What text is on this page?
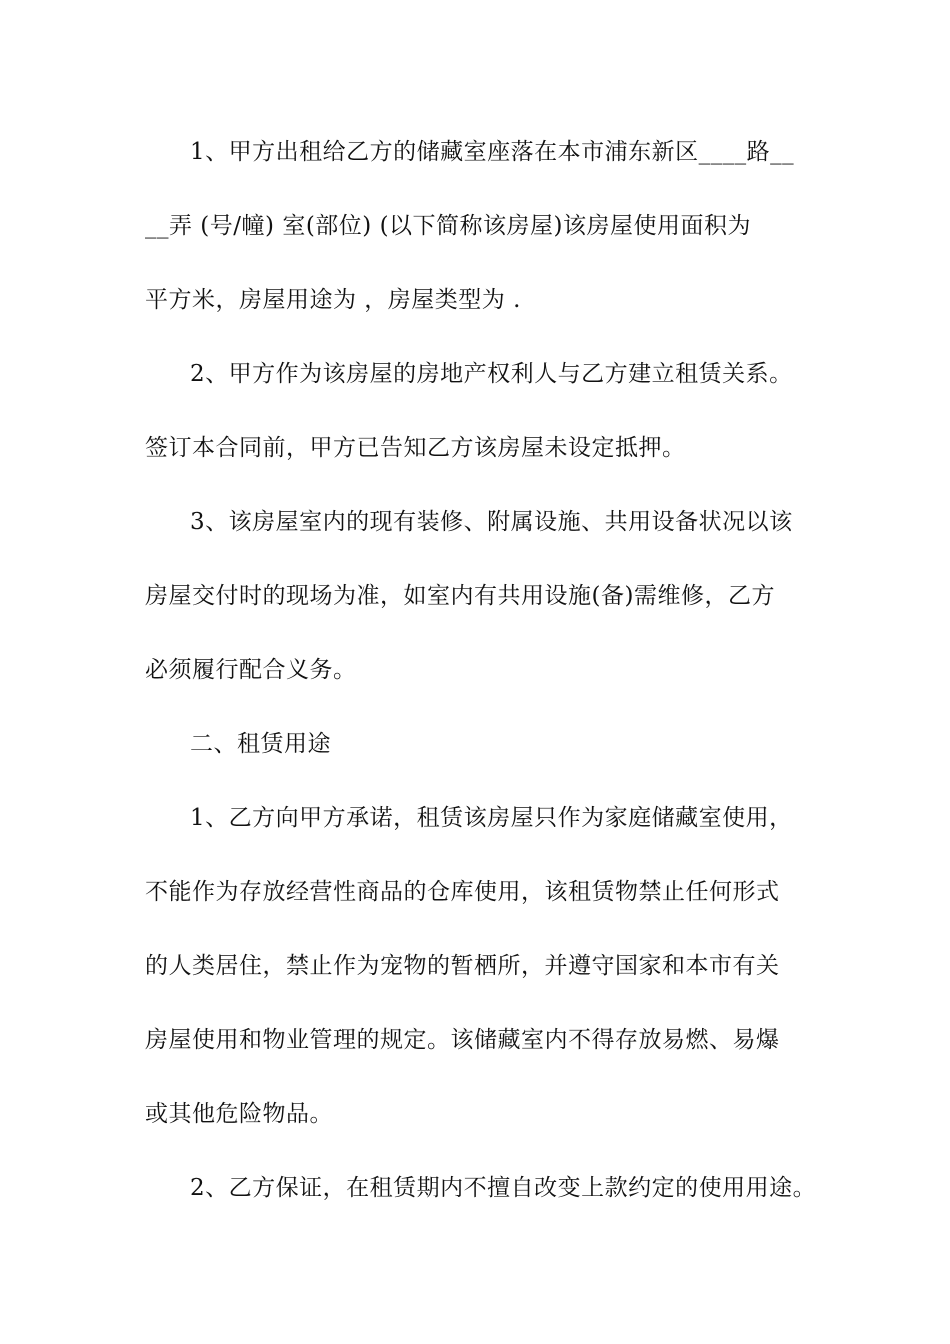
1、甲方出租给乙方的储藏室座落在本市浦东新区____路__
__弄 (号/幢) 室(部位) (以下简称该房屋)该房屋使用面积为
平方米，房屋用途为 ，房屋类型为 .
2、甲方作为该房屋的房地产权利人与乙方建立租赁关系。
签订本合同前，甲方已告知乙方该房屋未设定抵押。
3、该房屋室内的现有装修、附属设施、共用设备状况以该
房屋交付时的现场为准，如室内有共用设施(备)需维修，乙方
必须履行配合义务。
二、租赁用途
1、乙方向甲方承诺，租赁该房屋只作为家庭储藏室使用，
不能作为存放经营性商品的仓库使用，该租赁物禁止任何形式
的人类居住，禁止作为宠物的暂栖所，并遵守国家和本市有关
房屋使用和物业管理的规定。该储藏室内不得存放易燃、易爆
或其他危险物品。
2、乙方保证，在租赁期内不擅自改变上款约定的使用用途。
